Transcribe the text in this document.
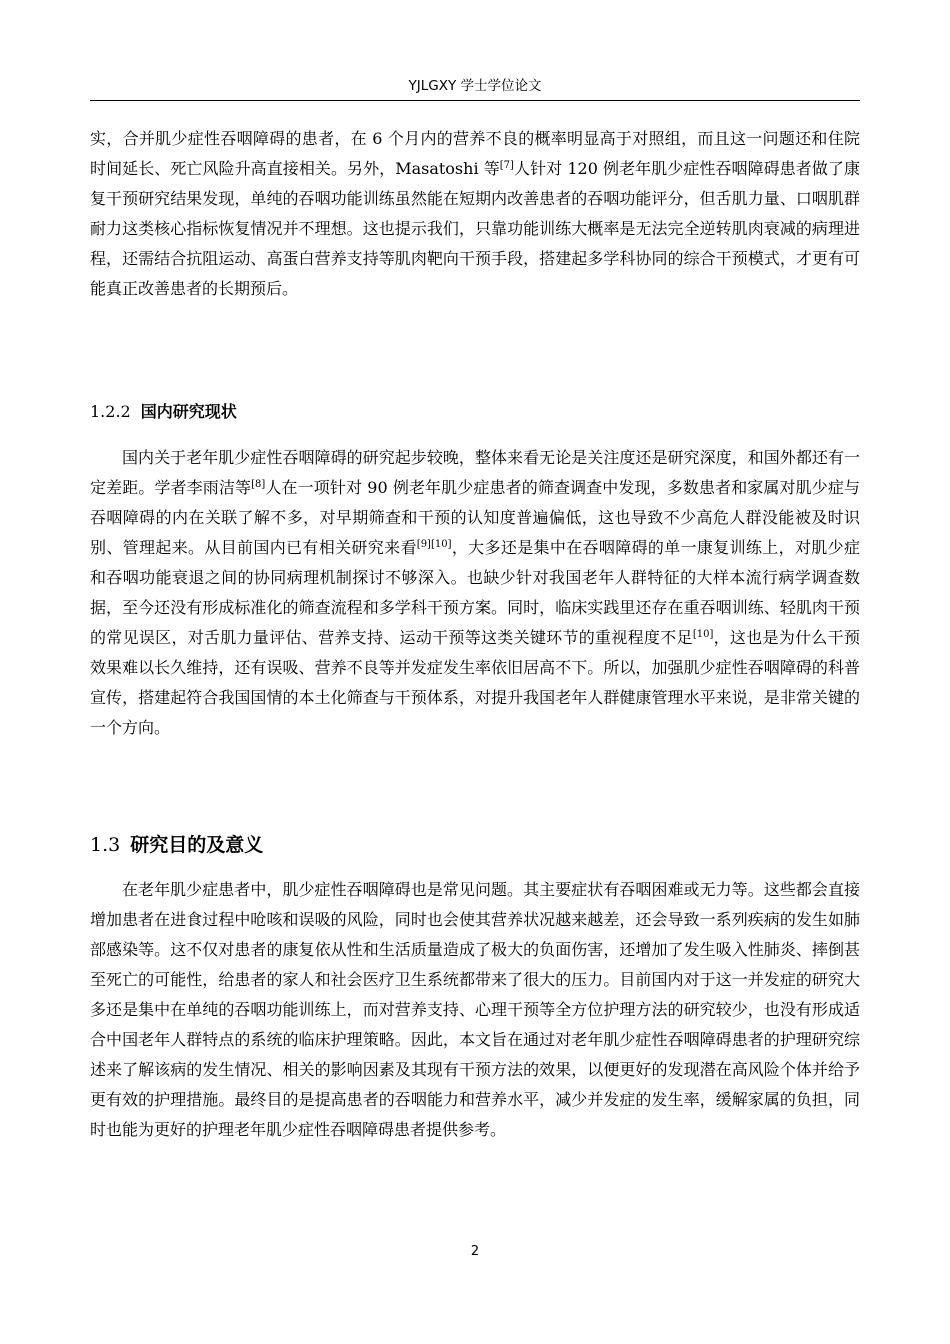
YJLGXY 学士学位论文

实，合并肌少症性吞咽障碍的患者，在 6 个月内的营养不良的概率明显高于对照组，而且这一问题还和住院时间延长、死亡风险升高直接相关。另外，Masatoshi 等[7]人针对 120 例老年肌少症性吞咽障碍患者做了康复干预研究结果发现，单纯的吞咽功能训练虽然能在短期内改善患者的吞咽功能评分，但舌肌力量、口咽肌群耐力这类核心指标恢复情况并不理想。这也提示我们，只靠功能训练大概率是无法完全逆转肌肉衰减的病理进程，还需结合抗阻运动、高蛋白营养支持等肌肉靶向干预手段，搭建起多学科协同的综合干预模式，才更有可能真正改善患者的长期预后。

1.2.2 国内研究现状

国内关于老年肌少症性吞咽障碍的研究起步较晚，整体来看无论是关注度还是研究深度，和国外都还有一定差距。学者李雨洁等[8]人在一项针对 90 例老年肌少症患者的筛查调查中发现，多数患者和家属对肌少症与吞咽障碍的内在关联了解不多，对早期筛查和干预的认知度普遍偏低，这也导致不少高危人群没能被及时识别、管理起来。从目前国内已有相关研究来看[9][10]，大多还是集中在吞咽障碍的单一康复训练上，对肌少症和吞咽功能衰退之间的协同病理机制探讨不够深入。也缺少针对我国老年人群特征的大样本流行病学调查数据，至今还没有形成标准化的筛查流程和多学科干预方案。同时，临床实践里还存在重吞咽训练、轻肌肉干预的常见误区，对舌肌力量评估、营养支持、运动干预等这类关键环节的重视程度不足[10]，这也是为什么干预效果难以长久维持，还有误吸、营养不良等并发症发生率依旧居高不下。所以，加强肌少症性吞咽障碍的科普宣传，搭建起符合我国国情的本土化筛查与干预体系，对提升我国老年人群健康管理水平来说，是非常关键的一个方向。

1.3 研究目的及意义

在老年肌少症患者中，肌少症性吞咽障碍也是常见问题。其主要症状有吞咽困难或无力等。这些都会直接增加患者在进食过程中呛咳和误吸的风险，同时也会使其营养状况越来越差，还会导致一系列疾病的发生如肺部感染等。这不仅对患者的康复依从性和生活质量造成了极大的负面伤害，还增加了发生吸入性肺炎、摔倒甚至死亡的可能性，给患者的家人和社会医疗卫生系统都带来了很大的压力。目前国内对于这一并发症的研究大多还是集中在单纯的吞咽功能训练上，而对营养支持、心理干预等全方位护理方法的研究较少，也没有形成适合中国老年人群特点的系统的临床护理策略。因此，本文旨在通过对老年肌少症性吞咽障碍患者的护理研究综述来了解该病的发生情况、相关的影响因素及其现有干预方法的效果，以便更好的发现潜在高风险个体并给予更有效的护理措施。最终目的是提高患者的吞咽能力和营养水平，减少并发症的发生率，缓解家属的负担，同时也能为更好的护理老年肌少症性吞咽障碍患者提供参考。

2
